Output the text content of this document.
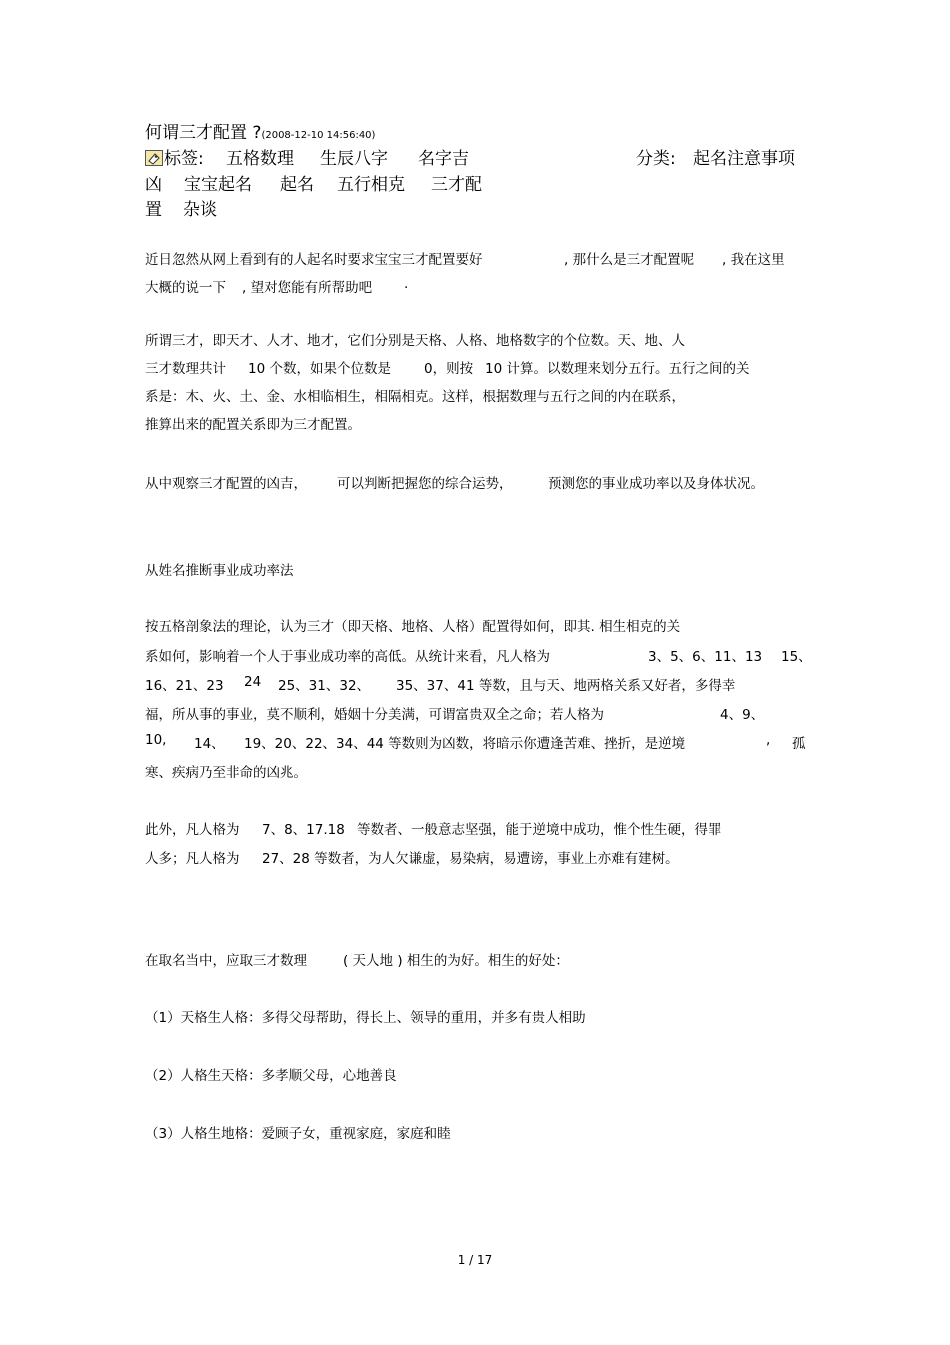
何谓三才配置 ?(2008-12-10 14:56:40)
标签: 五格数理 生辰八字 名字吉	分类: 起名注意事项
凶	宝宝起名 起名 五行相克 三才配
置 杂谈
近日忽然从网上看到有的人起名时要求宝宝三才配置要好	, 那什么是三才配置呢 , 我在这里
大概的说一下 , 望对您能有所帮助吧 .
所谓三才，即天才、人才、地才，它们分别是天格、人格、地格数字的个位数。天、地、人
三才数理共计 10 个数，如果个位数是 0，则按 10 计算。以数理来划分五行。五行之间的关
系是：木、火、土、金、水相临相生，相隔相克。这样，根据数理与五行之间的内在联系，
推算出来的配置关系即为三才配置。
从中观察三才配置的凶吉， 可以判断把握您的综合运势，	预测您的事业成功率以及身体状况。
从姓名推断事业成功率法
按五格剖象法的理论，认为三才（即天格、地格、人格）配置得如何，即其. 相生相克的关
系如何，影响着一个人于事业成功率的高低。从统计来看，凡人格为	3、5、6、11、13 15、
16、21、23 24 25、31、32、 35、37、41 等数，且与天、地两格关系又好者，多得幸
福，所从事的事业，莫不顺利，婚姻十分美满，可谓富贵双全之命；若人格为	4、9、
10, 14、 19、20、22、34、44 等数则为凶数，将暗示你遭逢苦难、挫折，是逆境	, 孤
寒、疾病乃至非命的凶兆。
此外，凡人格为 7、8、17.18 等数者、一般意志坚强，能于逆境中成功，惟个性生硬，得罪
人多；凡人格为 27、28 等数者，为人欠谦虚，易染病，易遭谤，事业上亦难有建树。
在取名当中，应取三才数理	( 天人地 ) 相生的为好。相生的好处：
（1）天格生人格：多得父母帮助，得长上、领导的重用，并多有贵人相助
（2）人格生天格：多孝顺父母，心地善良
（3）人格生地格：爱顾子女，重视家庭，家庭和睦
1 / 17
